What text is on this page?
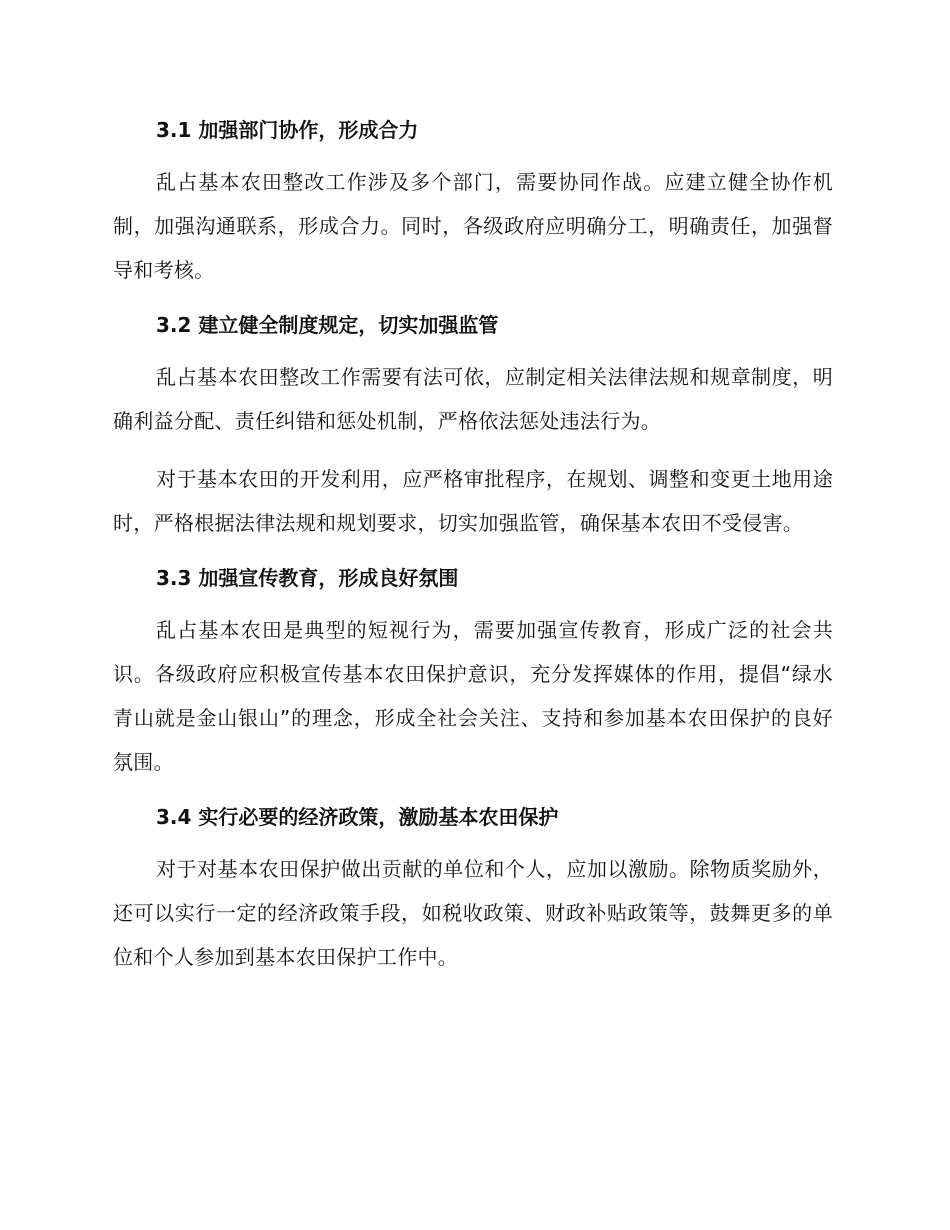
3.1 加强部门协作，形成合力

乱占基本农田整改工作涉及多个部门，需要协同作战。应建立健全协作机制，加强沟通联系，形成合力。同时，各级政府应明确分工，明确责任，加强督导和考核。

3.2 建立健全制度规定，切实加强监管

乱占基本农田整改工作需要有法可依，应制定相关法律法规和规章制度，明确利益分配、责任纠错和惩处机制，严格依法惩处违法行为。

对于基本农田的开发利用，应严格审批程序，在规划、调整和变更土地用途时，严格根据法律法规和规划要求，切实加强监管，确保基本农田不受侵害。

3.3 加强宣传教育，形成良好氛围

乱占基本农田是典型的短视行为，需要加强宣传教育，形成广泛的社会共识。各级政府应积极宣传基本农田保护意识，充分发挥媒体的作用，提倡“绿水青山就是金山银山”的理念，形成全社会关注、支持和参加基本农田保护的良好氛围。

3.4 实行必要的经济政策，激励基本农田保护

对于对基本农田保护做出贡献的单位和个人，应加以激励。除物质奖励外，还可以实行一定的经济政策手段，如税收政策、财政补贴政策等，鼓舞更多的单位和个人参加到基本农田保护工作中。
